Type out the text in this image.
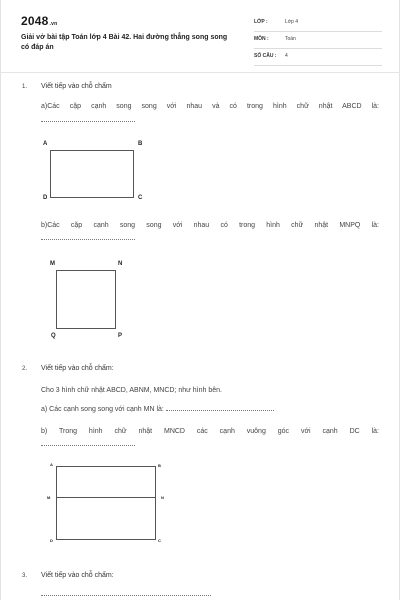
2048.vn
Giải vở bài tập Toán lớp 4 Bài 42. Hai đường thẳng song song có đáp án
LỚP :	Lớp 4
MÔN :	Toán
SỐ CÂU : 4
1. Viết tiếp vào chỗ chấm
a)Các cặp cạnh song song với nhau và có trong hình chữ nhật ABCD là:
A	B
D	C
b)Các cặp cạnh song song với nhau có trong hình chữ nhật MNPQ là:
M	N
Q	P
2. Viết tiếp vào chỗ chấm:
Cho 3 hình chữ nhật ABCD, ABNM, MNCD; như hình bên.
a) Các cạnh song song với cạnh MN là:
b) Trong hình chữ nhật MNCD các cạnh vuông góc với cạnh DC là:
A	B
M	N
D	C
3. Viết tiếp vào chỗ chấm:
